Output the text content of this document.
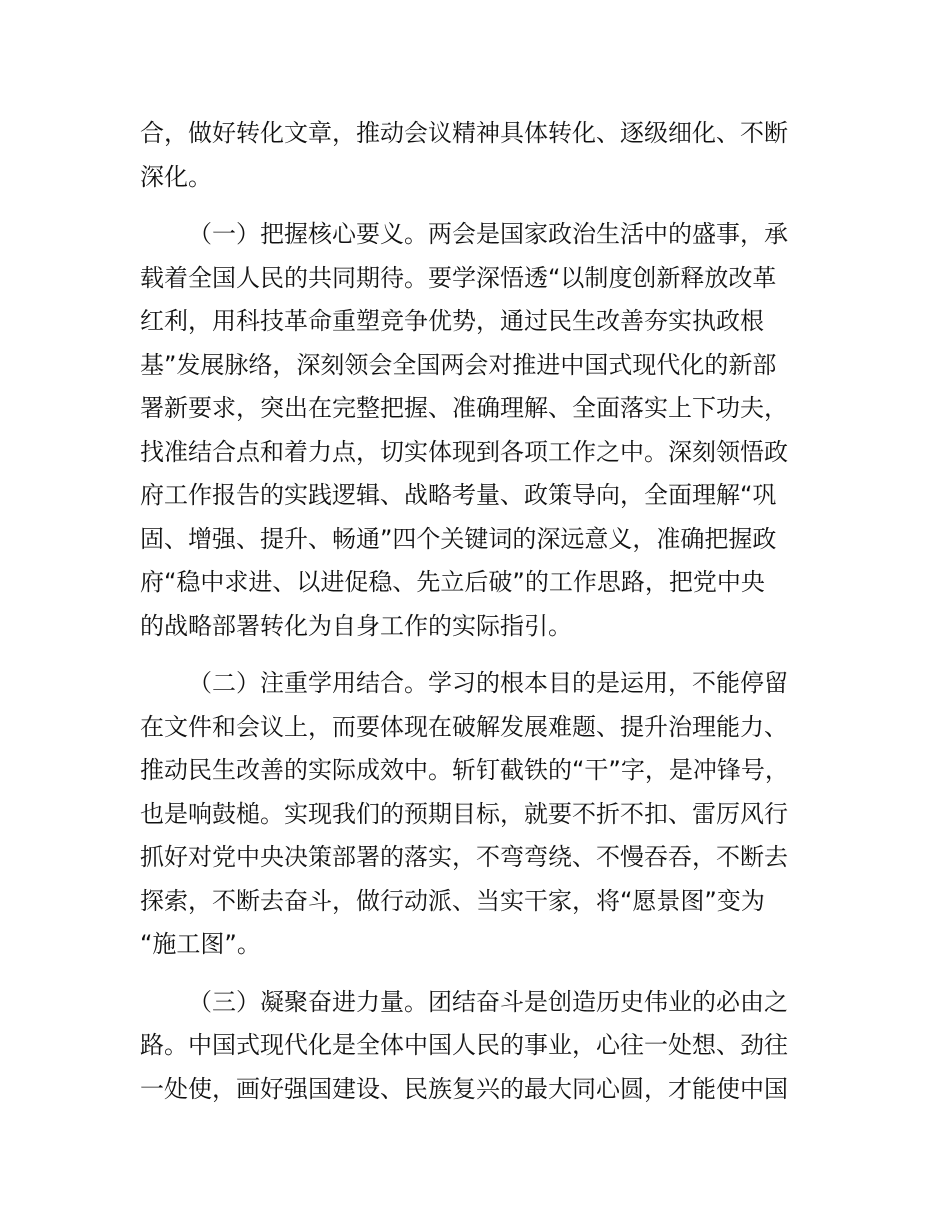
合，做好转化文章，推动会议精神具体转化、逐级细化、不断
深化。

（一）把握核心要义。两会是国家政治生活中的盛事，承
载着全国人民的共同期待。要学深悟透“以制度创新释放改革
红利，用科技革命重塑竞争优势，通过民生改善夯实执政根
基”发展脉络，深刻领会全国两会对推进中国式现代化的新部
署新要求，突出在完整把握、准确理解、全面落实上下功夫，
找准结合点和着力点，切实体现到各项工作之中。深刻领悟政
府工作报告的实践逻辑、战略考量、政策导向，全面理解“巩
固、增强、提升、畅通”四个关键词的深远意义，准确把握政
府“稳中求进、以进促稳、先立后破”的工作思路，把党中央
的战略部署转化为自身工作的实际指引。

（二）注重学用结合。学习的根本目的是运用，不能停留
在文件和会议上，而要体现在破解发展难题、提升治理能力、
推动民生改善的实际成效中。斩钉截铁的“干”字，是冲锋号，
也是响鼓槌。实现我们的预期目标，就要不折不扣、雷厉风行
抓好对党中央决策部署的落实，不弯弯绕、不慢吞吞，不断去
探索，不断去奋斗，做行动派、当实干家，将“愿景图”变为
“施工图”。

（三）凝聚奋进力量。团结奋斗是创造历史伟业的必由之
路。中国式现代化是全体中国人民的事业，心往一处想、劲往
一处使，画好强国建设、民族复兴的最大同心圆，才能使中国
